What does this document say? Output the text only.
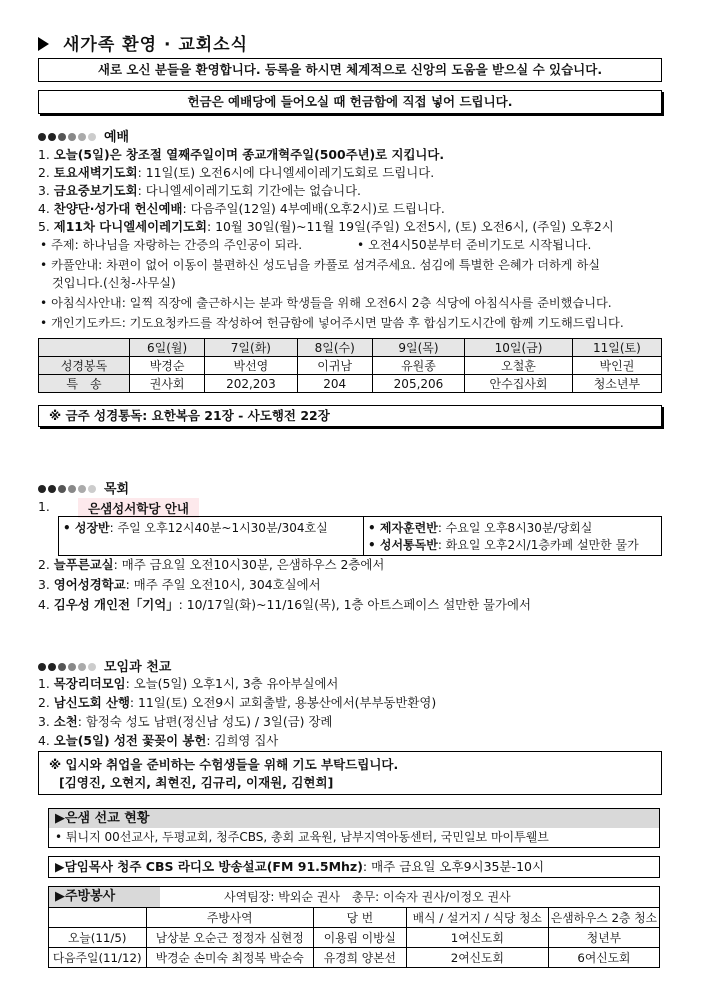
새가족 환영 · 교회소식
새로 오신 분들을 환영합니다. 등록을 하시면 체계적으로 신앙의 도움을 받으실 수 있습니다.
헌금은 예배당에 들어오실 때 헌금함에 직접 넣어 드립니다.
예배
1. 오늘(5일)은 창조절 열째주일이며 종교개혁주일(500주년)로 지킵니다.
2. 토요새벽기도회: 11일(토) 오전6시에 다니엘세이레기도회로 드립니다.
3. 금요중보기도회: 다니엘세이레기도회 기간에는 없습니다.
4. 찬양단·성가대 헌신예배: 다음주일(12일) 4부예배(오후2시)로 드립니다.
5. 제11차 다니엘세이레기도회: 10월 30일(월)~11월 19일(주일) 오전5시, (토) 오전6시, (주일) 오후2시
• 주제: 하나님을 자랑하는 간증의 주인공이 되라.	• 오전4시50분부터 준비기도로 시작됩니다.
• 카풀안내: 차편이 없어 이동이 불편하신 성도님을 카풀로 섬겨주세요. 섬김에 특별한 은혜가 더하게 하실
것입니다.(신청-사무실)
• 아침식사안내: 일찍 직장에 출근하시는 분과 학생들을 위해 오전6시 2층 식당에 아침식사를 준비했습니다.
• 개인기도카드: 기도요청카드를 작성하여 헌금함에 넣어주시면 말씀 후 합심기도시간에 함께 기도해드립니다.
	6일(월)	7일(화)	8일(수)	9일(목)	10일(금)	11일(토)
성경봉독	박경순	박선영	이귀남	유원종	오철훈	박인권
특　송	권사회	202,203	204	205,206	안수집사회	청소년부
※ 금주 성경통독: 요한복음 21장 - 사도행전 22장
목회
1.	은샘성서학당 안내
• 성장반: 주일 오후12시40분~1시30분/304호실	• 제자훈련반: 수요일 오후8시30분/당회실
• 성서통독반: 화요일 오후2시/1층카페 설만한 물가
2. 늘푸른교실: 매주 금요일 오전10시30분, 은샘하우스 2층에서
3. 영어성경학교: 매주 주일 오전10시, 304호실에서
4. 김우성 개인전「기억」: 10/17일(화)~11/16일(목), 1층 아트스페이스 설만한 물가에서
모임과 천교
1. 목장리더모임: 오늘(5일) 오후1시, 3층 유아부실에서
2. 남신도회 산행: 11일(토) 오전9시 교회출발, 용봉산에서(부부동반환영)
3. 소천: 함정숙 성도 남편(정신남 성도) / 3일(금) 장례
4. 오늘(5일) 성전 꽃꽂이 봉헌: 김희영 집사
※ 입시와 취업을 준비하는 수험생들을 위해 기도 부탁드립니다.
[김영진, 오현지, 최현진, 김규리, 이재원, 김현희]
▶은샘 선교 현황
• 튀니지 00선교사, 두평교회, 청주CBS, 총회 교육원, 남부지역아동센터, 국민일보 마이투웰브
▶담임목사 청주 CBS 라디오 방송설교(FM 91.5Mhz): 매주 금요일 오후9시35분-10시
▶주방봉사	사역팀장: 박외순 권사　총무: 이숙자 권사/이정오 권사
	주방사역	당 번	배식 / 설거지 / 식당 청소	은샘하우스 2층 청소
오늘(11/5)	남상분 오순근 정정자 심현정	이용림 이방실	1여신도회	청년부
다음주일(11/12)	박경순 손미숙 최정복 박순숙	유경희 양본선	2여신도회	6여신도회
